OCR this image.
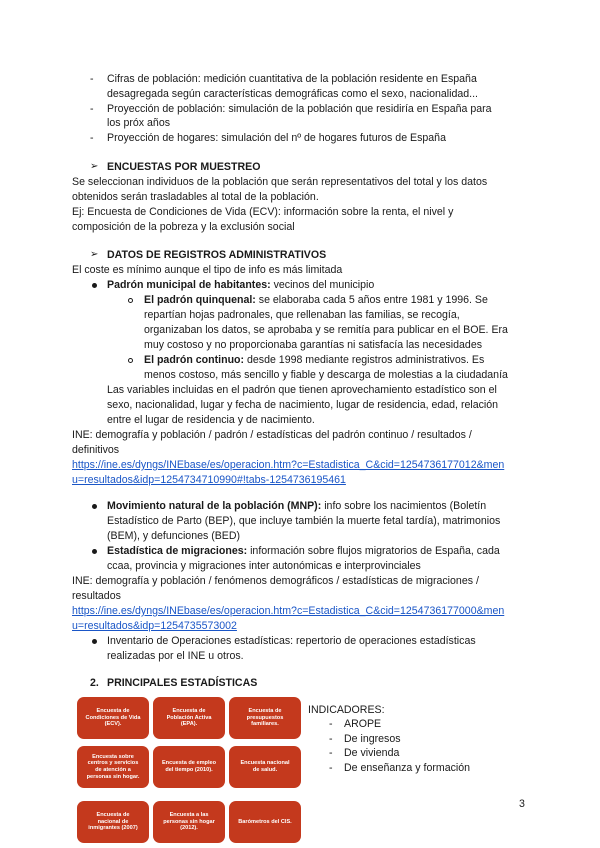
- Cifras de población: medición cuantitativa de la población residente en España
desagregada según características demográficas como el sexo, nacionalidad...
- Proyección de población: simulación de la población que residiría en España para
los próx años
- Proyección de hogares: simulación del nº de hogares futuros de España
➢ ENCUESTAS POR MUESTREO
Se seleccionan individuos de la población que serán representativos del total y los datos
obtenidos serán trasladables al total de la población.
Ej: Encuesta de Condiciones de Vida (ECV): información sobre la renta, el nivel y
composición de la pobreza y la exclusión social
➢ DATOS DE REGISTROS ADMINISTRATIVOS
El coste es mínimo aunque el tipo de info es más limitada
Padrón municipal de habitantes: vecinos del municipio
El padrón quinquenal: se elaboraba cada 5 años entre 1981 y 1996. Se
repartían hojas padronales, que rellenaban las familias, se recogía,
organizaban los datos, se aprobaba y se remitía para publicar en el BOE. Era
muy costoso y no proporcionaba garantías ni satisfacía las necesidades
El padrón continuo: desde 1998 mediante registros administrativos. Es
menos costoso, más sencillo y fiable y descarga de molestias a la ciudadanía
Las variables incluidas en el padrón que tienen aprovechamiento estadístico son el
sexo, nacionalidad, lugar y fecha de nacimiento, lugar de residencia, edad, relación
entre el lugar de residencia y de nacimiento.
INE: demografía y población / padrón / estadísticas del padrón continuo / resultados /
definitivos
https://ine.es/dyngs/INEbase/es/operacion.htm?c=Estadistica_C&cid=1254736177012&men
u=resultados&idp=1254734710990#!tabs-1254736195461
Movimiento natural de la población (MNP): info sobre los nacimientos (Boletín
Estadístico de Parto (BEP), que incluye también la muerte fetal tardía), matrimonios
(BEM), y defunciones (BED)
Estadística de migraciones: información sobre flujos migratorios de España, cada
ccaa, provincia y migraciones inter autonómicas e interprovinciales
INE: demografía y población / fenómenos demográficos / estadísticas de migraciones /
resultados
https://ine.es/dyngs/INEbase/es/operacion.htm?c=Estadistica_C&cid=1254736177000&men
u=resultados&idp=1254735573002
Inventario de Operaciones estadísticas: repertorio de operaciones estadísticas
realizadas por el INE u otros.
2. PRINCIPALES ESTADÍSTICAS
Encuesta de Condiciones de Vida (ECV).
Encuesta de Población Activa (EPA).
Encuesta de presupuestos familiares.
Encuesta sobre centros y servicios de atención a personas sin hogar.
Encuesta de empleo del tiempo (2010).
Encuesta nacional de salud.
Encuesta de nacional de inmigrantes (2007)
Encuesta a las personas sin hogar (2012).
Barómetros del CIS.
INDICADORES:
- AROPE
- De ingresos
- De vivienda
- De enseñanza y formación
3
